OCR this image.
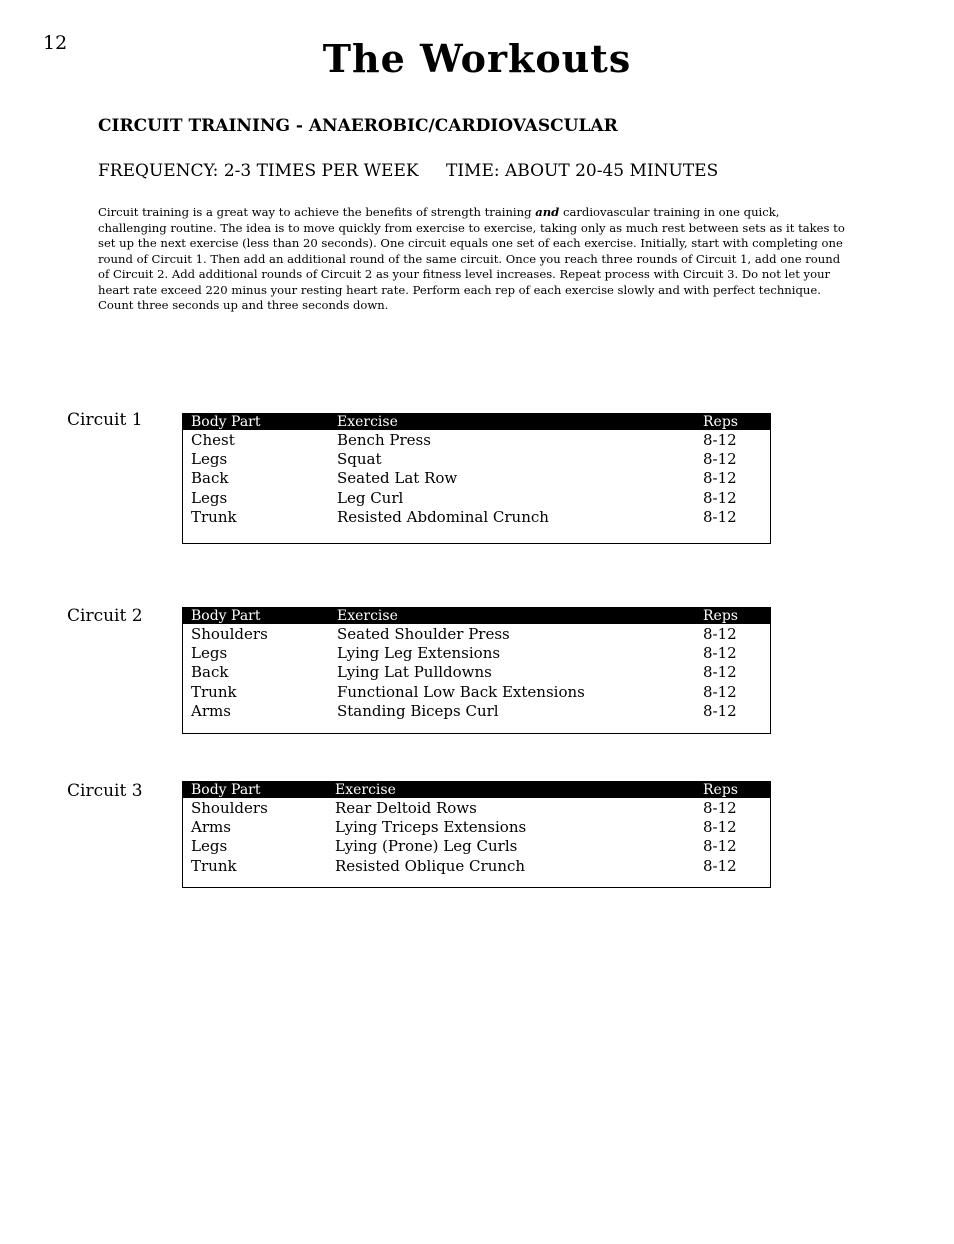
12	The Workouts
CIRCUIT TRAINING - ANAEROBIC/CARDIOVASCULAR
FREQUENCY: 2-3 TIMES PER WEEK TIME: ABOUT 20-45 MINUTES
Circuit training is a great way to achieve the benefits of strength training and cardiovascular training in one quick, challenging routine. The idea is to move quickly from exercise to exercise, taking only as much rest between sets as it takes to set up the next exercise (less than 20 seconds). One circuit equals one set of each exercise. Initially, start with completing one round of Circuit 1. Then add an additional round of the same circuit. Once you reach three rounds of Circuit 1, add one round of Circuit 2. Add additional rounds of Circuit 2 as your fitness level increases. Repeat process with Circuit 3. Do not let your heart rate exceed 220 minus your resting heart rate. Perform each rep of each exercise slowly and with perfect technique. Count three seconds up and three seconds down.
Circuit 1	Body Part	Exercise	Reps
Chest	Bench Press	8-12
Legs	Squat	8-12
Back	Seated Lat Row	8-12
Legs	Leg Curl	8-12
Trunk	Resisted Abdominal Crunch	8-12
Circuit 2	Body Part	Exercise	Reps
Shoulders	Seated Shoulder Press	8-12
Legs	Lying Leg Extensions	8-12
Back	Lying Lat Pulldowns	8-12
Trunk	Functional Low Back Extensions	8-12
Arms	Standing Biceps Curl	8-12
Circuit 3	Body Part	Exercise	Reps
Shoulders	Rear Deltoid Rows	8-12
Arms	Lying Triceps Extensions	8-12
Legs	Lying (Prone) Leg Curls	8-12
Trunk	Resisted Oblique Crunch	8-12
